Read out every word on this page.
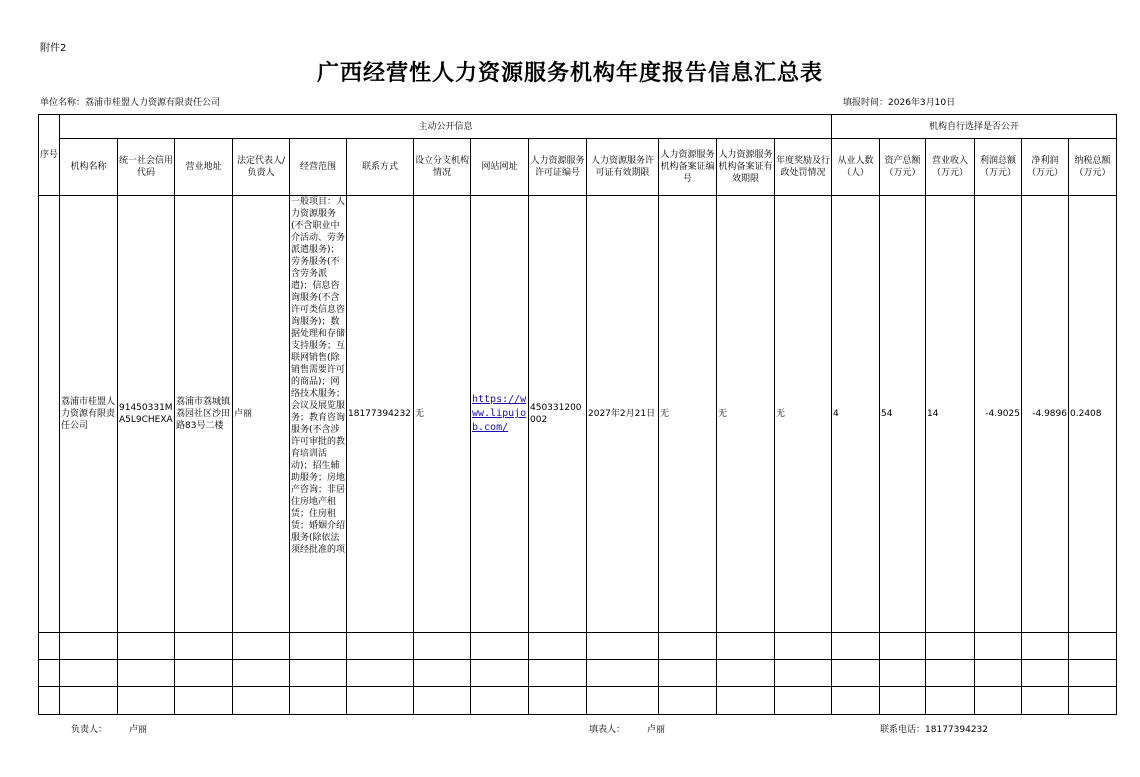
附件2
广西经营性人力资源服务机构年度报告信息汇总表
单位名称：荔浦市桂盟人力资源有限责任公司	填报时间：2026年3月10日
序号	主动公开信息													机构自行选择是否公开					
	机构名称	统一社会信用代码	营业地址	法定代表人/负责人	经营范围	联系方式	设立分支机构情况	网站网址	人力资源服务许可证编号	人力资源服务许可证有效期限	人力资源服务机构备案证编号	人力资源服务机构备案证有效期限	年度奖励及行政处罚情况	从业人数（人）	资产总额（万元）	营业收入（万元）	利润总额（万元）	净利润（万元）	纳税总额（万元）
	荔浦市桂盟人力资源有限责任公司	91450331MA5L9CHEXA	荔浦市荔城镇荔园社区沙田路83号二楼	卢丽	一般项目：人力资源服务(不含职业中介活动、劳务派遣服务)；劳务服务(不含劳务派遣)；信息咨询服务(不含许可类信息咨询服务)；数据处理和存储支持服务；互联网销售(除销售需要许可的商品)；网络技术服务；会议及展览服务；教育咨询服务(不含涉许可审批的教育培训活动)；招生辅助服务；房地产咨询；非居住房地产租赁；住房租赁；婚姻介绍服务(除依法须经批准的项	18177394232	无	https://www.lipujob.com/	450331200002	2027年2月21日	无	无	无	4	54	14	-4.9025	-4.9896	0.2408

负责人： 卢丽	填表人： 卢丽	联系电话：18177394232
